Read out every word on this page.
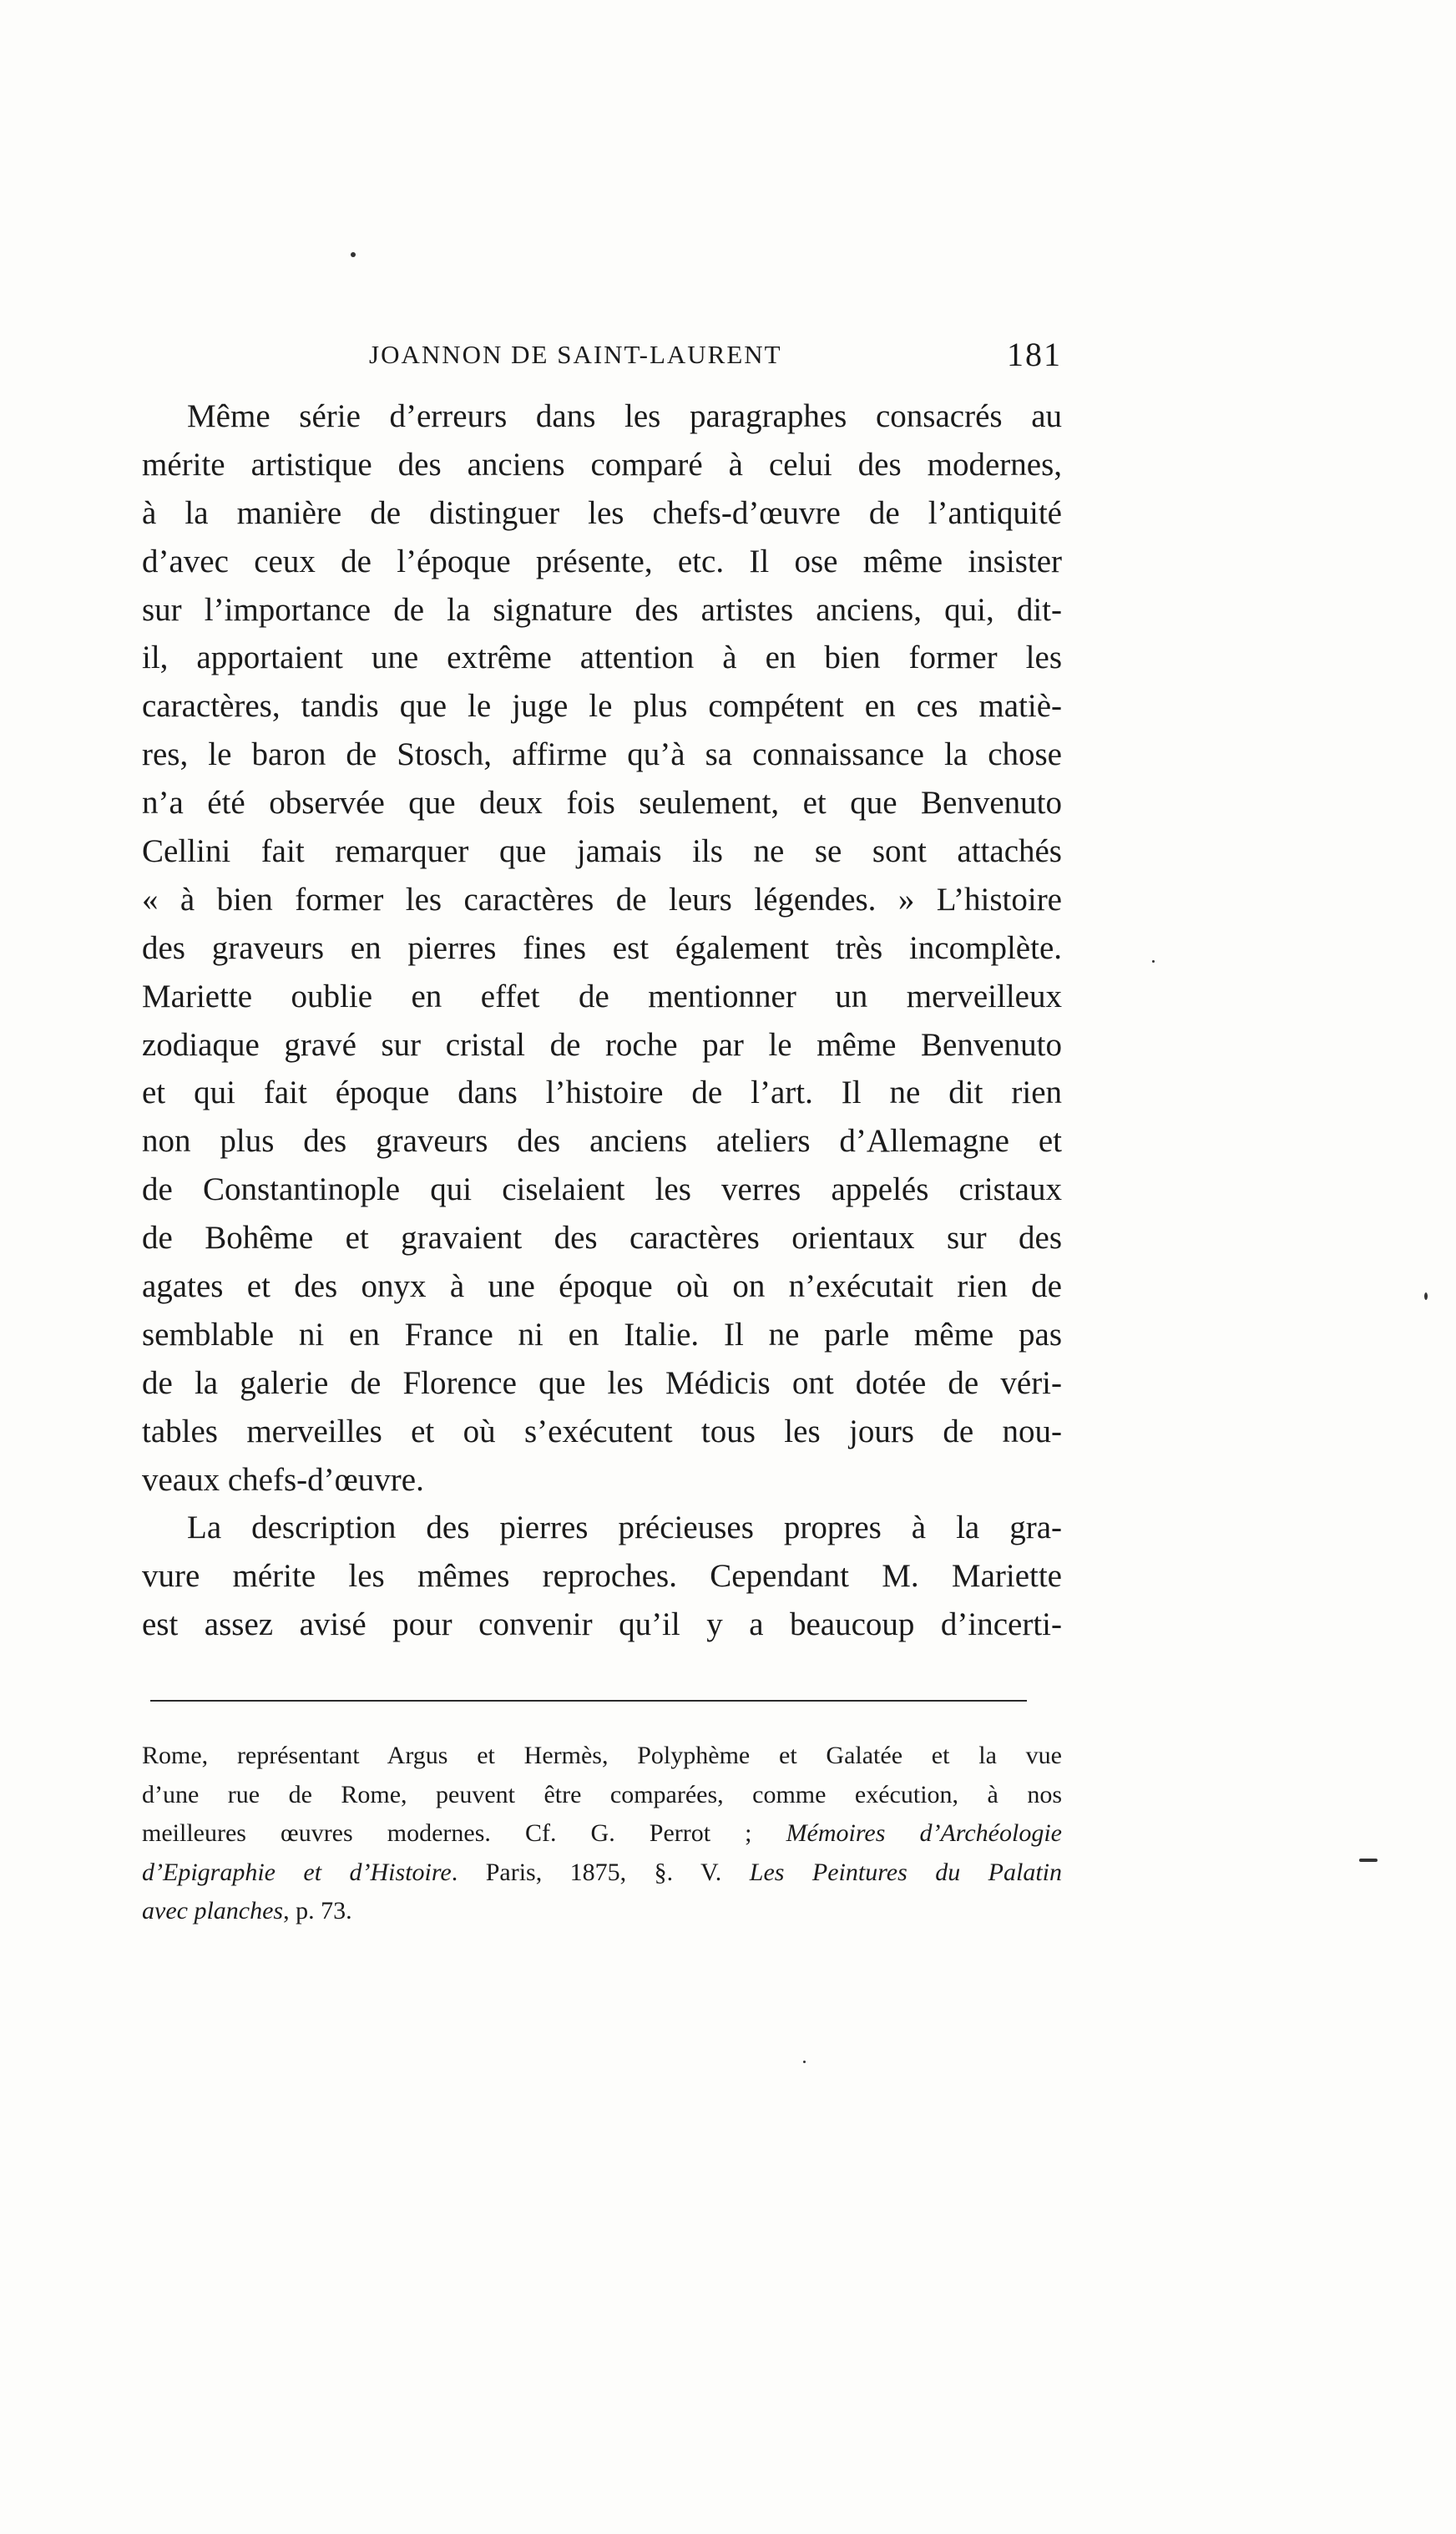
JOANNON DE SAINT-LAURENT	181
Même série d’erreurs dans les paragraphes consacrés au
mérite artistique des anciens comparé à celui des modernes,
à la manière de distinguer les chefs-d’œuvre de l’antiquité
d’avec ceux de l’époque présente, etc. Il ose même insister
sur l’importance de la signature des artistes anciens, qui, dit-
il, apportaient une extrême attention à en bien former les
caractères, tandis que le juge le plus compétent en ces matiè-
res, le baron de Stosch, affirme qu’à sa connaissance la chose
n’a été observée que deux fois seulement, et que Benvenuto
Cellini fait remarquer que jamais ils ne se sont attachés
« à bien former les caractères de leurs légendes. » L’histoire
des graveurs en pierres fines est également très incomplète.
Mariette oublie en effet de mentionner un merveilleux
zodiaque gravé sur cristal de roche par le même Benvenuto
et qui fait époque dans l’histoire de l’art. Il ne dit rien
non plus des graveurs des anciens ateliers d’Allemagne et
de Constantinople qui ciselaient les verres appelés cristaux
de Bohême et gravaient des caractères orientaux sur des
agates et des onyx à une époque où on n’exécutait rien de
semblable ni en France ni en Italie. Il ne parle même pas
de la galerie de Florence que les Médicis ont dotée de véri-
tables merveilles et où s’exécutent tous les jours de nou-
veaux chefs-d’œuvre.
La description des pierres précieuses propres à la gra-
vure mérite les mêmes reproches. Cependant M. Mariette
est assez avisé pour convenir qu’il y a beaucoup d’incerti-
Rome, représentant Argus et Hermès, Polyphème et Galatée et la vue
d’une rue de Rome, peuvent être comparées, comme exécution, à nos
meilleures œuvres modernes. Cf. G. Perrot ; Mémoires d’Archéologie
d’Epigraphie et d’Histoire. Paris, 1875, §. V. Les Peintures du Palatin
avec planches, p. 73.
